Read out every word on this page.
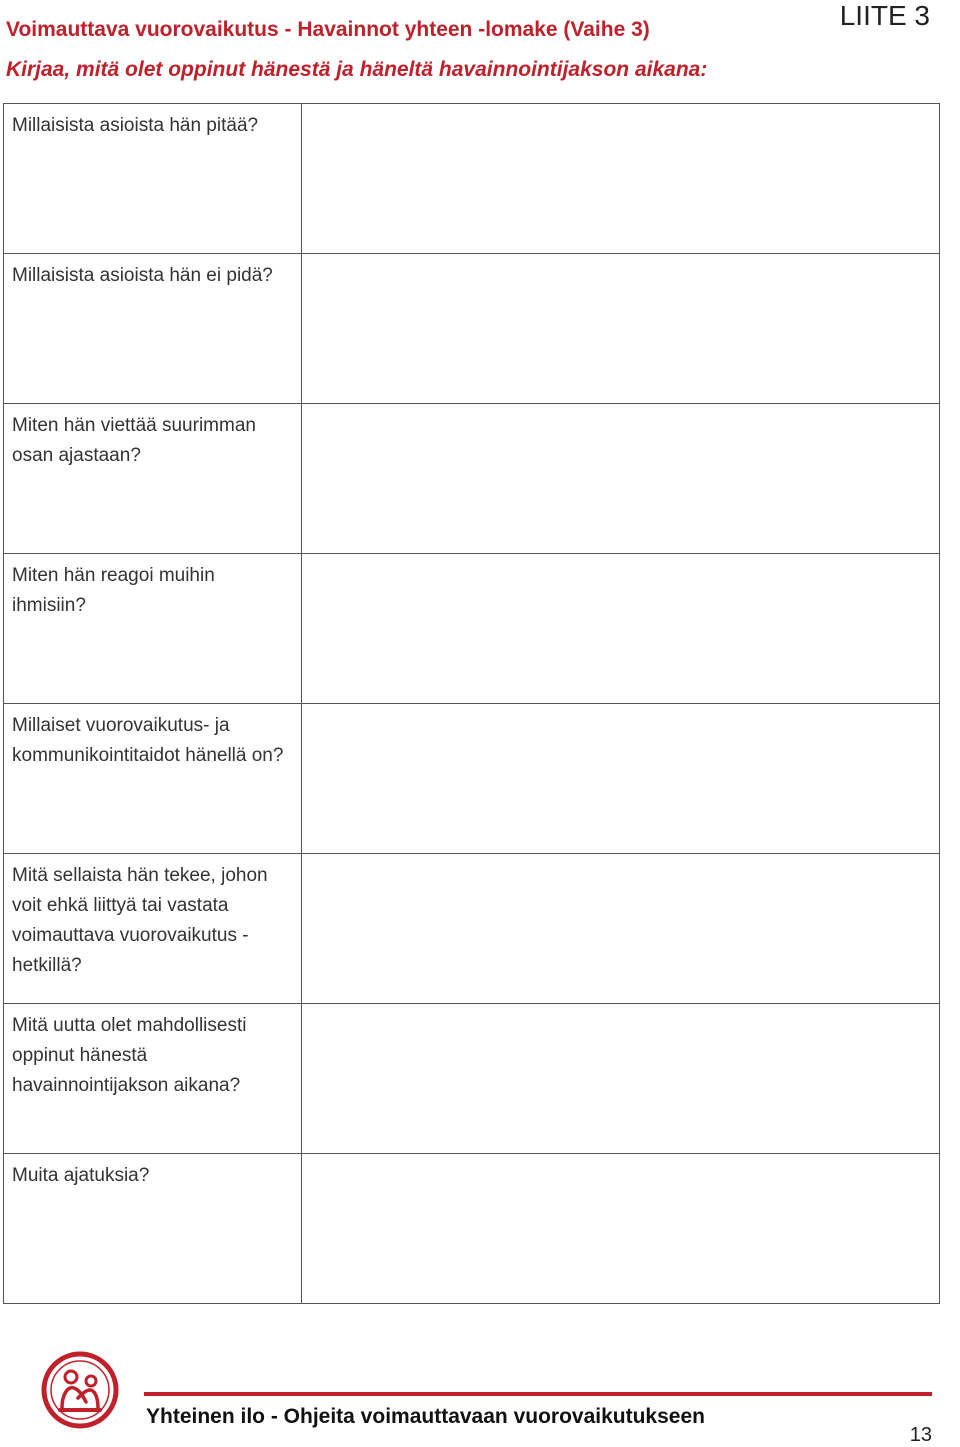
Voimauttava vuorovaikutus - Havainnot yhteen -lomake (Vaihe 3)
Kirjaa, mitä olet oppinut hänestä ja häneltä havainnointijakson aikana:
LIITE 3
Millaisista asioista hän pitää?	

Millaisista asioista hän ei pidä?	

Miten hän viettää suurimman osan ajastaan?	

Miten hän reagoi muihin ihmisiin?	

Millaiset vuorovaikutus- ja kommunikointitaidot hänellä on?	

Mitä sellaista hän tekee, johon voit ehkä liittyä tai vastata voimauttava vuorovaikutus -hetkillä?	

Mitä uutta olet mahdollisesti oppinut hänestä havainnointijakson aikana?	

Muita ajatuksia?	

Yhteinen ilo - Ohjeita voimauttavaan vuorovaikutukseen
13
